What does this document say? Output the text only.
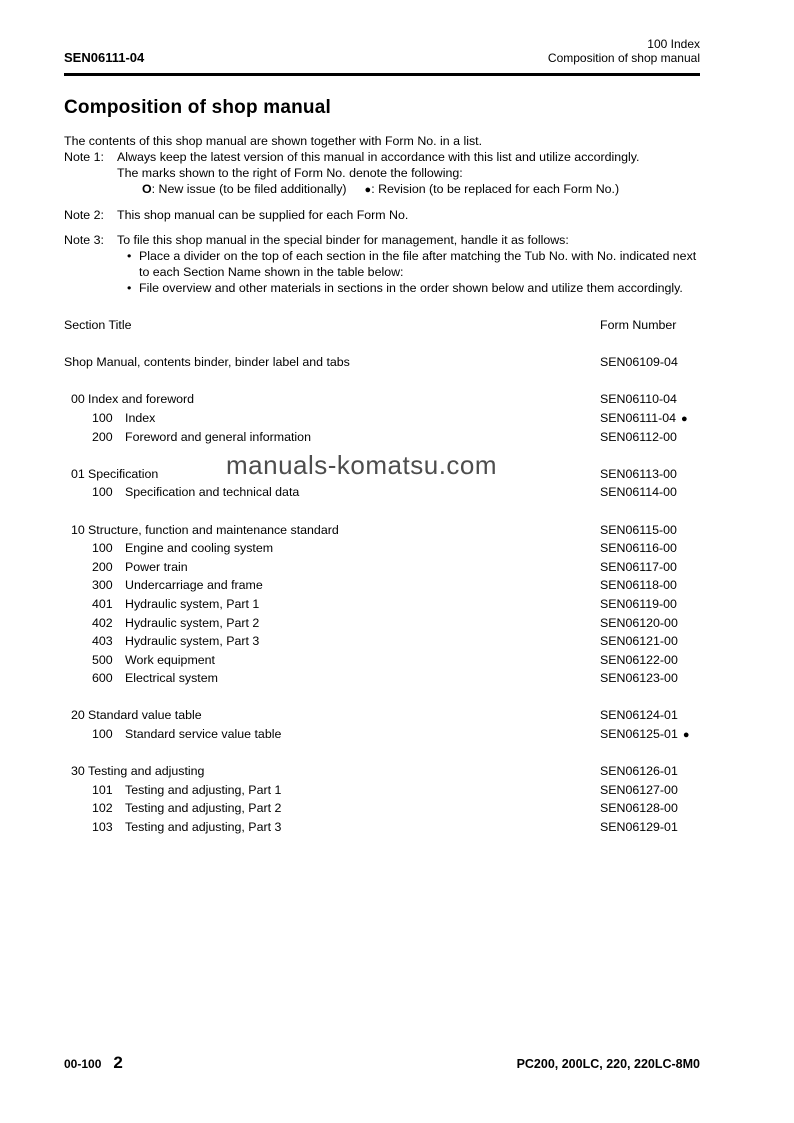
SEN06111-04
100 Index
Composition of shop manual
Composition of shop manual

The contents of this shop manual are shown together with Form No. in a list.

Note 1:	Always keep the latest version of this manual in accordance with this list and utilize accordingly.
The marks shown to the right of Form No. denote the following:
O: New issue (to be filed additionally) ●: Revision (to be replaced for each Form No.)
Note 2:	This shop manual can be supplied for each Form No.
Note 3:	To file this shop manual in the special binder for management, handle it as follows:
• Place a divider on the top of each section in the file after matching the Tub No. with No. indicated next to each Section Name shown in the table below:
• File overview and other materials in sections in the order shown below and utilize them accordingly.
Section Title	Form Number
Shop Manual, contents binder, binder label and tabs	SEN06109-04
00 Index and foreword	SEN06110-04
100 Index	SEN06111-04 ●
200 Foreword and general information	SEN06112-00
01 Specification	SEN06113-00
100 Specification and technical data	SEN06114-00
10 Structure, function and maintenance standard	SEN06115-00
100 Engine and cooling system	SEN06116-00
200 Power train	SEN06117-00
300 Undercarriage and frame	SEN06118-00
401 Hydraulic system, Part 1	SEN06119-00
402 Hydraulic system, Part 2	SEN06120-00
403 Hydraulic system, Part 3	SEN06121-00
500 Work equipment	SEN06122-00
600 Electrical system	SEN06123-00
20 Standard value table	SEN06124-01
100 Standard service value table	SEN06125-01 ●
30 Testing and adjusting	SEN06126-01
101 Testing and adjusting, Part 1	SEN06127-00
102 Testing and adjusting, Part 2	SEN06128-00
103 Testing and adjusting, Part 3	SEN06129-01
manuals-komatsu.com
00-100 2	PC200, 200LC, 220, 220LC-8M0
